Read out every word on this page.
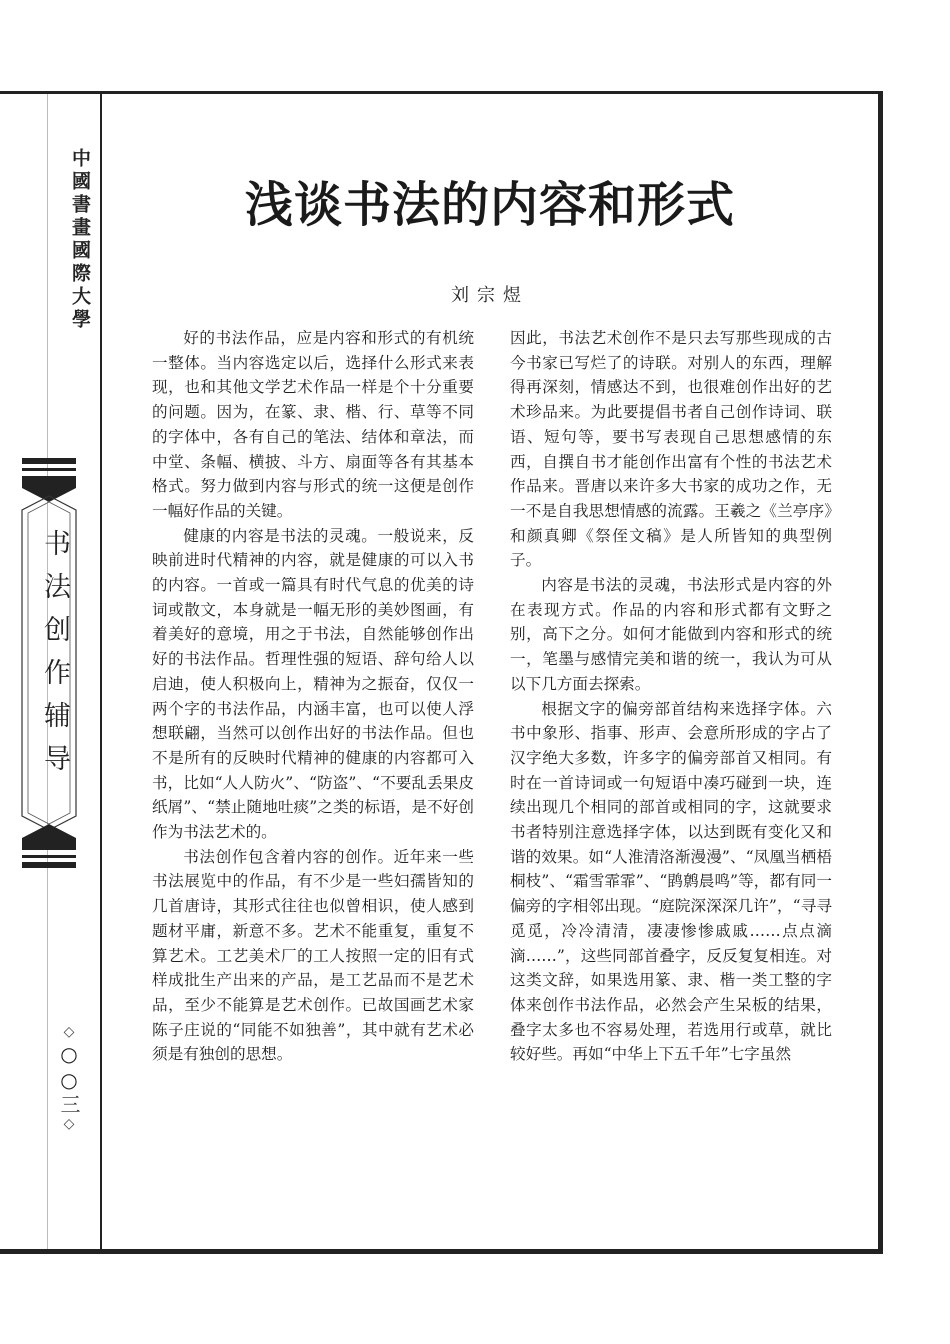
中國書畫國際大學
书法创作辅导
◇○○三◇
浅谈书法的内容和形式
刘宗煜

好的书法作品，应是内容和形式的有机统一整体。当内容选定以后，选择什么形式来表现，也和其他文学艺术作品一样是个十分重要的问题。因为，在篆、隶、楷、行、草等不同的字体中，各有自己的笔法、结体和章法，而中堂、条幅、横披、斗方、扇面等各有其基本格式。努力做到内容与形式的统一这便是创作一幅好作品的关键。

健康的内容是书法的灵魂。一般说来，反映前进时代精神的内容，就是健康的可以入书的内容。一首或一篇具有时代气息的优美的诗词或散文，本身就是一幅无形的美妙图画，有着美好的意境，用之于书法，自然能够创作出好的书法作品。哲理性强的短语、辞句给人以启迪，使人积极向上，精神为之振奋，仅仅一两个字的书法作品，内涵丰富，也可以使人浮想联翩，当然可以创作出好的书法作品。但也不是所有的反映时代精神的健康的内容都可入书，比如“人人防火”、“防盗”、“不要乱丢果皮纸屑”、“禁止随地吐痰”之类的标语，是不好创作为书法艺术的。

书法创作包含着内容的创作。近年来一些书法展览中的作品，有不少是一些妇孺皆知的几首唐诗，其形式往往也似曾相识，使人感到题材平庸，新意不多。艺术不能重复，重复不算艺术。工艺美术厂的工人按照一定的旧有式样成批生产出来的产品，是工艺品而不是艺术品，至少不能算是艺术创作。已故国画艺术家陈子庄说的“同能不如独善”，其中就有艺术必须是有独创的思想。

因此，书法艺术创作不是只去写那些现成的古今书家已写烂了的诗联。对别人的东西，理解得再深刻，情感达不到，也很难创作出好的艺术珍品来。为此要提倡书者自己创作诗词、联语、短句等，要书写表现自己思想感情的东西，自撰自书才能创作出富有个性的书法艺术作品来。晋唐以来许多大书家的成功之作，无一不是自我思想情感的流露。王羲之《兰亭序》和颜真卿《祭侄文稿》是人所皆知的典型例子。

内容是书法的灵魂，书法形式是内容的外在表现方式。作品的内容和形式都有文野之别，高下之分。如何才能做到内容和形式的统一，笔墨与感情完美和谐的统一，我认为可从以下几方面去探索。

根据文字的偏旁部首结构来选择字体。六书中象形、指事、形声、会意所形成的字占了汉字绝大多数，许多字的偏旁部首又相同。有时在一首诗词或一句短语中凑巧碰到一块，连续出现几个相同的部首或相同的字，这就要求书者特别注意选择字体，以达到既有变化又和谐的效果。如“人淮清洛渐漫漫”、“凤凰当栖梧桐枝”、“霜雪霏霏”、“鹍鹩晨鸣”等，都有同一偏旁的字相邻出现。“庭院深深深几许”，“寻寻觅觅，冷冷清清，凄凄惨惨戚戚……点点滴滴……”，这些同部首叠字，反反复复相连。对这类文辞，如果选用篆、隶、楷一类工整的字体来创作书法作品，必然会产生呆板的结果，叠字太多也不容易处理，若选用行或草，就比较好些。再如“中华上下五千年”七字虽然
